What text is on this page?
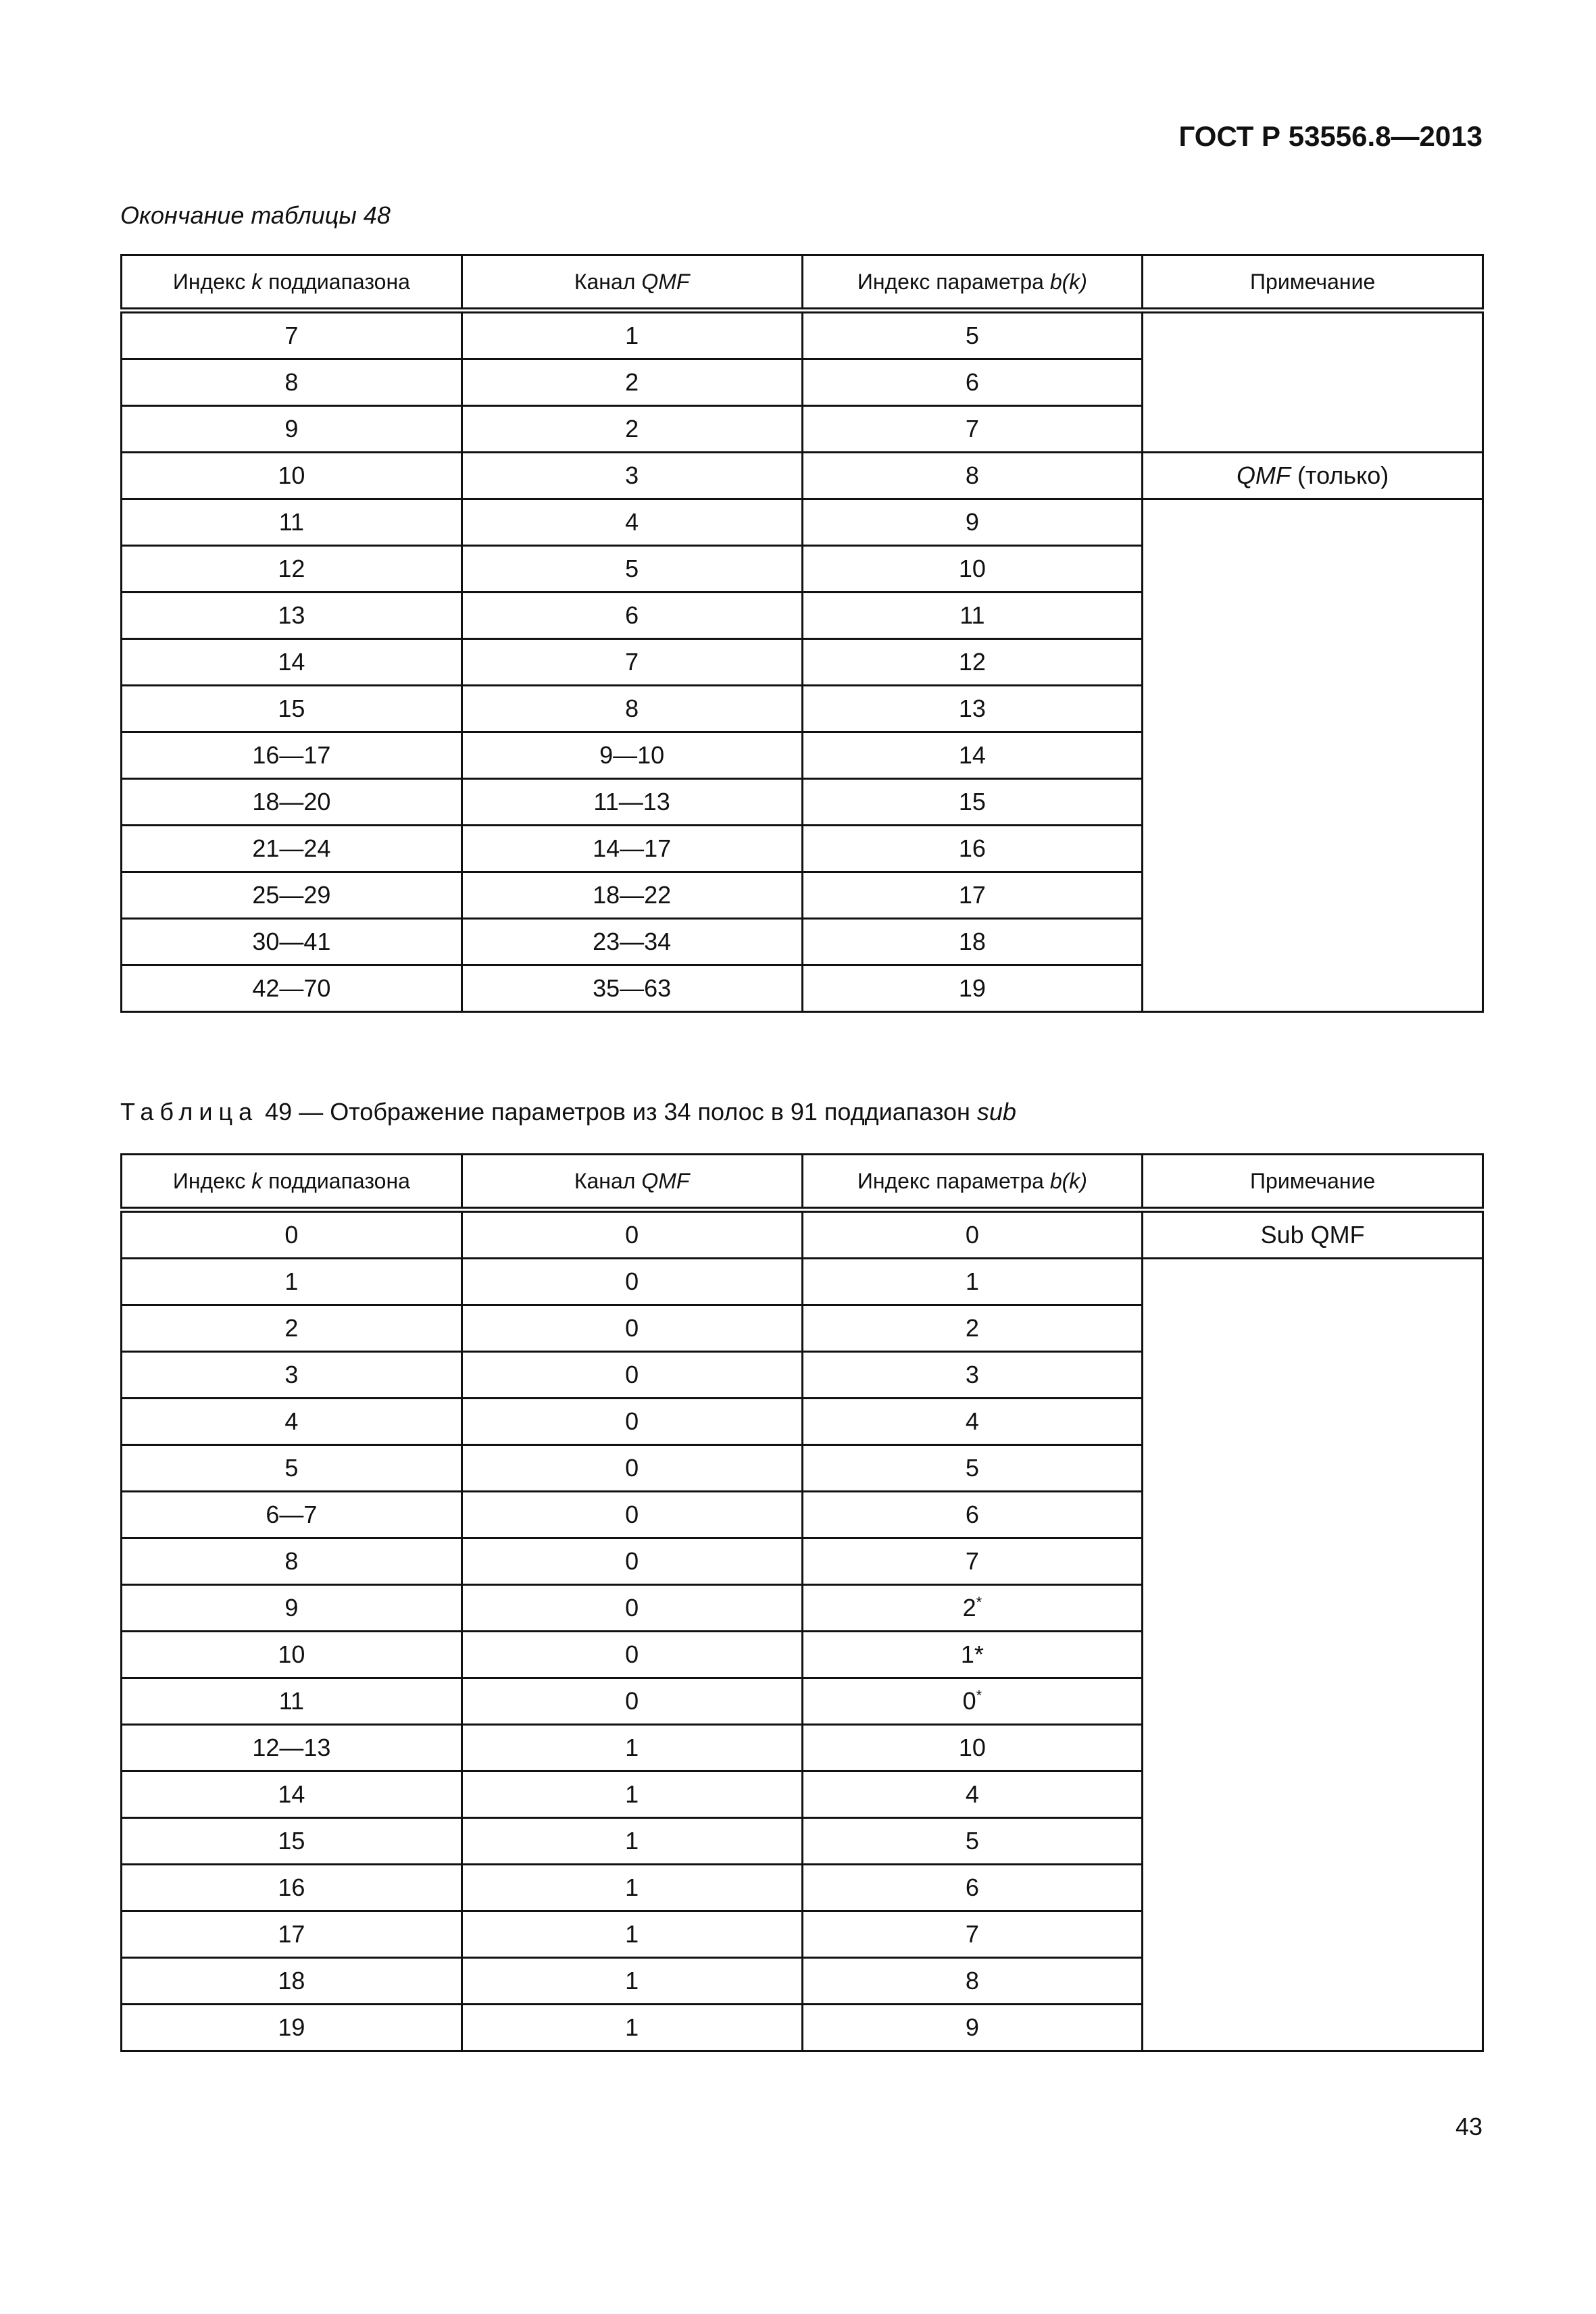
ГОСТ Р 53556.8—2013
Окончание таблицы 48
Индекс k поддиапазона	Канал QMF	Индекс параметра b(k)	Примечание
7	1	5	
8	2	6	
9	2	7	
10	3	8	QMF (только)
11	4	9	
12	5	10	
13	6	11	
14	7	12	
15	8	13	
16—17	9—10	14	
18—20	11—13	15	
21—24	14—17	16	
25—29	18—22	17	
30—41	23—34	18	
42—70	35—63	19	
Таблица 49 — Отображение параметров из 34 полос в 91 поддиапазон sub
Индекс k поддиапазона	Канал QMF	Индекс параметра b(k)	Примечание
0	0	0	Sub QMF
1	0	1	
2	0	2	
3	0	3	
4	0	4	
5	0	5	
6—7	0	6	
8	0	7	
9	0	2*
10	0	1*	
11	0	0*
12—13	1	10	
14	1	4	
15	1	5	
16	1	6	
17	1	7	
18	1	8	
19	1	9	
43
